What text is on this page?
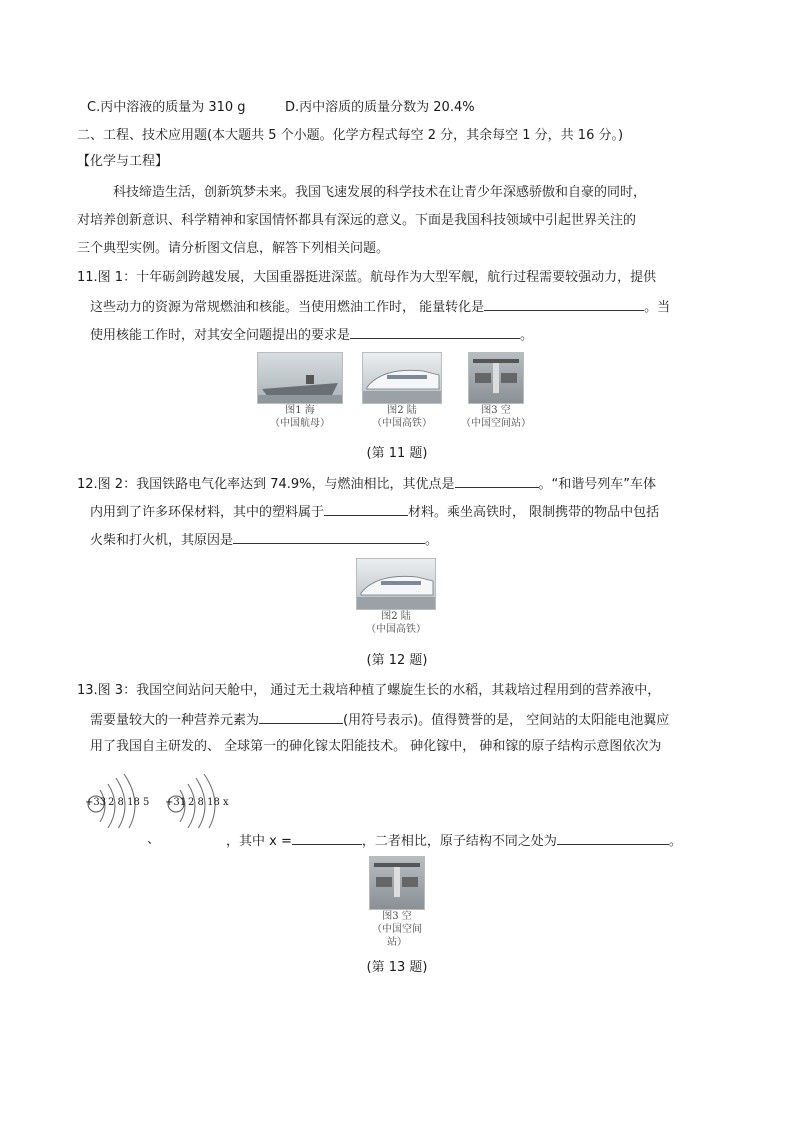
C.丙中溶液的质量为 310 g	D.丙中溶质的质量分数为 20.4%
二、工程、技术应用题(本大题共 5 个小题。化学方程式每空 2 分，其余每空 1 分，共 16 分。)
【化学与工程】
科技缔造生活，创新筑梦未来。我国飞速发展的科学技术在让青少年深感骄傲和自豪的同时，
对培养创新意识、科学精神和家国情怀都具有深远的意义。下面是我国科技领域中引起世界关注的
三个典型实例。请分析图文信息，解答下列相关问题。
11.图 1：十年砺剑跨越发展，大国重器挺进深蓝。航母作为大型军舰，航行过程需要较强动力，提供
这些动力的资源为常规燃油和核能。当使用燃油工作时， 能量转化是	。当
使用核能工作时，对其安全问题提出的要求是	。
图1 海
（中国航母）
图2 陆
（中国高铁）
图3 空
（中国空间站）
(第 11 题)
12.图 2：我国铁路电气化率达到 74.9%，与燃油相比，其优点是	。“和谐号列车”车体
内用到了许多环保材料，其中的塑料属于	材料。乘坐高铁时， 限制携带的物品中包括
火柴和打火机，其原因是	。
图2 陆
（中国高铁）
(第 12 题)
13.图 3：我国空间站问天舱中， 通过无土栽培种植了螺旋生长的水稻，其栽培过程用到的营养液中，
需要量较大的一种营养元素为	(用符号表示)。值得赞誉的是， 空间站的太阳能电池翼应
用了我国自主研发的、 全球第一的砷化镓太阳能技术。 砷化镓中， 砷和镓的原子结构示意图依次为
+33 2 8 18 5 +31 2 8 18 x
、	，其中 x =	，二者相比，原子结构不同之处为	。
图3 空
（中国空间站）
(第 13 题)
